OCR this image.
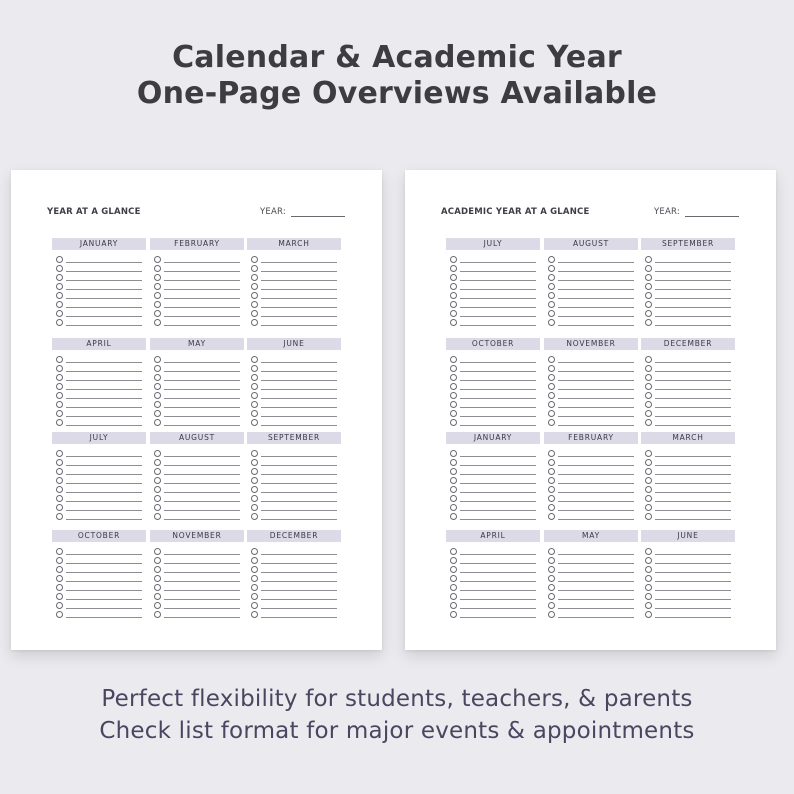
Calendar & Academic Year
One-Page Overviews Available
YEAR AT A GLANCE	YEAR:
JANUARY	FEBRUARY	MARCH
APRIL	MAY	JUNE
JULY	AUGUST	SEPTEMBER
OCTOBER	NOVEMBER	DECEMBER
ACADEMIC YEAR AT A GLANCE	YEAR:
JULY	AUGUST	SEPTEMBER
OCTOBER	NOVEMBER	DECEMBER
JANUARY	FEBRUARY	MARCH
APRIL	MAY	JUNE
Perfect flexibility for students, teachers, & parents
Check list format for major events & appointments
